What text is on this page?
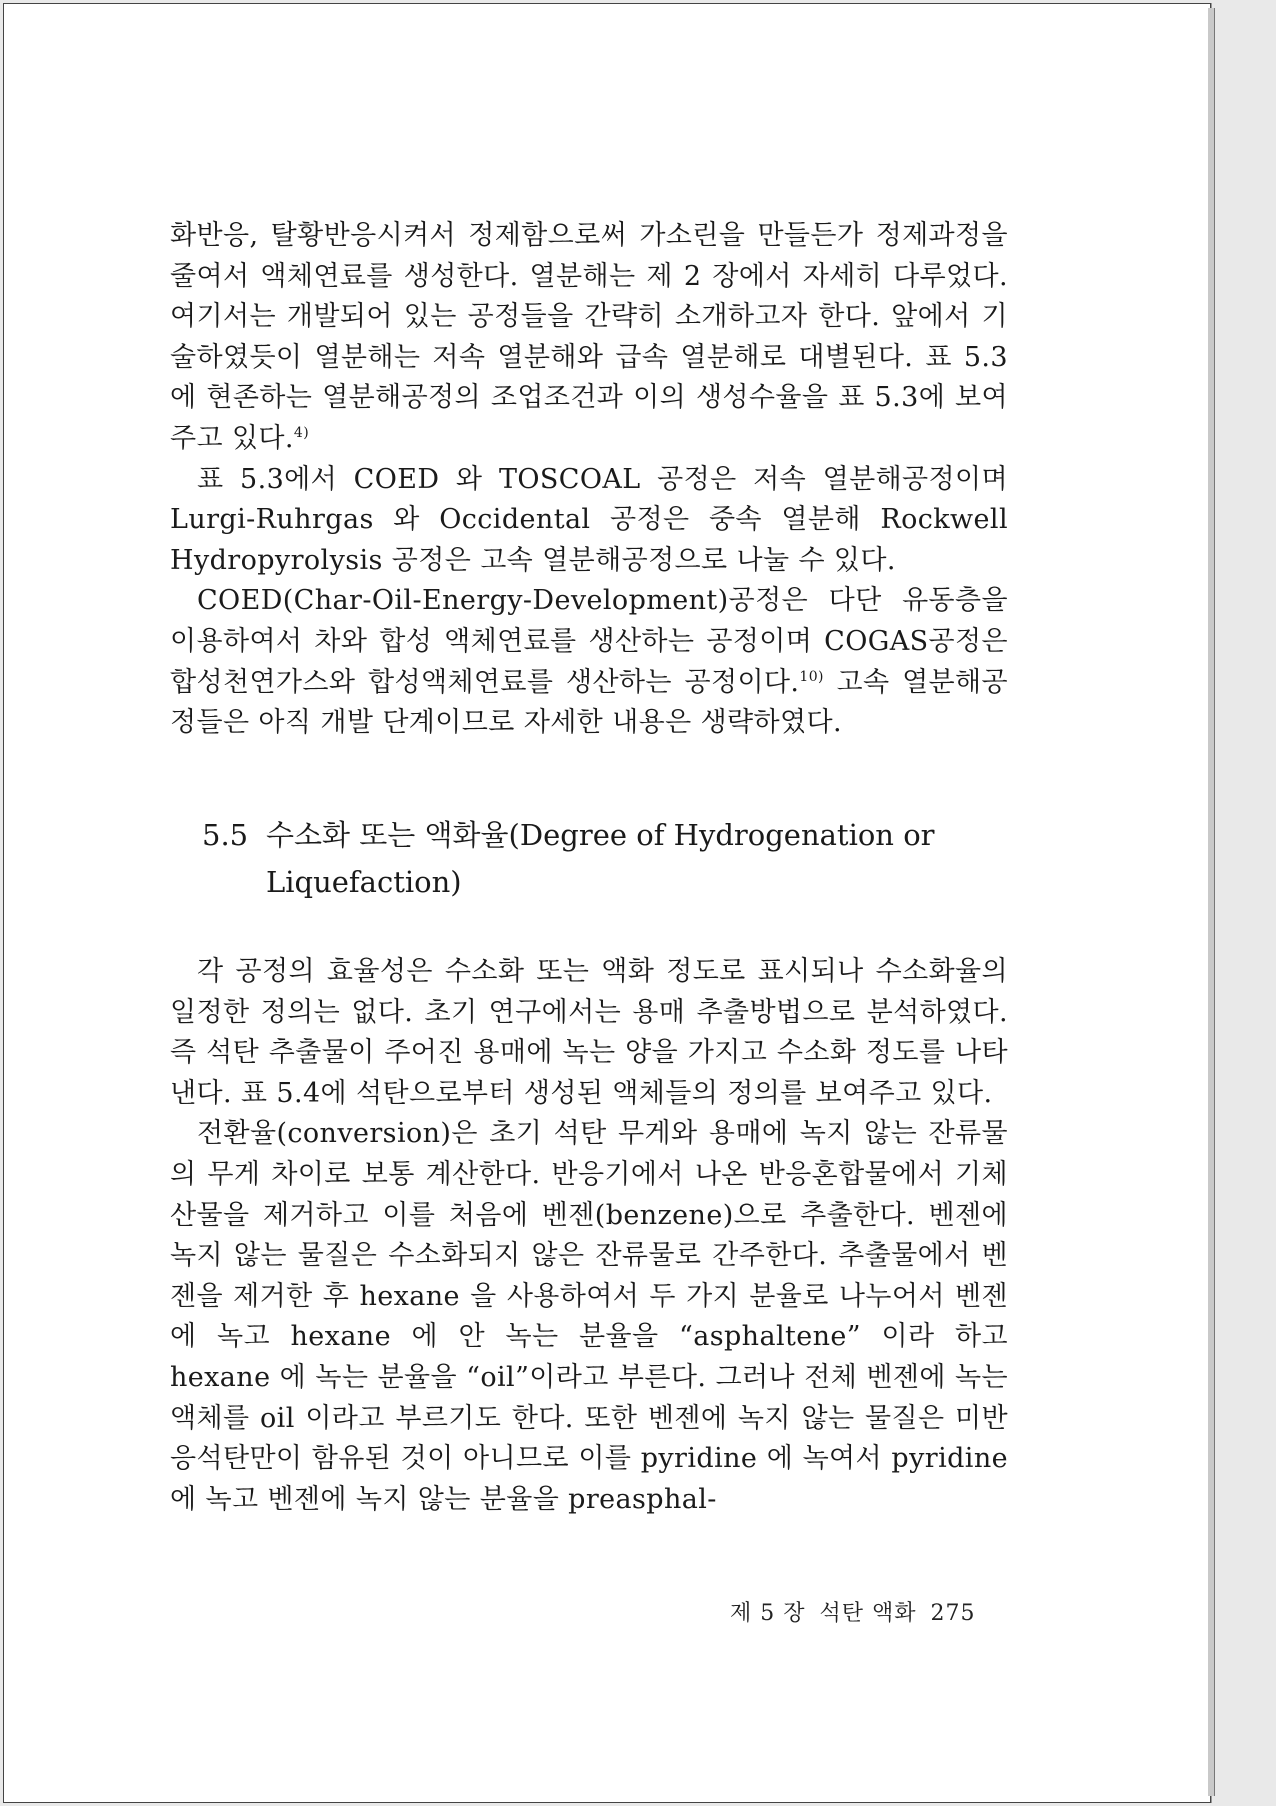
화반응, 탈황반응시켜서 정제함으로써 가소린을 만들든가 정제과정을 줄여서 액체연료를 생성한다. 열분해는 제 2 장에서 자세히 다루었다. 여기서는 개발되어 있는 공정들을 간략히 소개하고자 한다. 앞에서 기술하였듯이 열분해는 저속 열분해와 급속 열분해로 대별된다. 표 5.3에 현존하는 열분해공정의 조업조건과 이의 생성수율을 표 5.3에 보여주고 있다.$^{4)}$

표 5.3에서 COED 와 TOSCOAL 공정은 저속 열분해공정이며 Lurgi-Ruhrgas 와 Occidental 공정은 중속 열분해 Rockwell Hydropyrolysis 공정은 고속 열분해공정으로 나눌 수 있다.

COED(Char-Oil-Energy-Development)공정은 다단 유동층을 이용하여서 차와 합성 액체연료를 생산하는 공정이며 COGAS공정은 합성천연가스와 합성액체연료를 생산하는 공정이다.$^{10)}$ 고속 열분해공정들은 아직 개발 단계이므로 자세한 내용은 생략하였다.

5.5 수소화 또는 액화율(Degree of Hydrogenation or
Liquefaction)

각 공정의 효율성은 수소화 또는 액화 정도로 표시되나 수소화율의 일정한 정의는 없다. 초기 연구에서는 용매 추출방법으로 분석하였다. 즉 석탄 추출물이 주어진 용매에 녹는 양을 가지고 수소화 정도를 나타낸다. 표 5.4에 석탄으로부터 생성된 액체들의 정의를 보여주고 있다.

전환율(conversion)은 초기 석탄 무게와 용매에 녹지 않는 잔류물의 무게 차이로 보통 계산한다. 반응기에서 나온 반응혼합물에서 기체 산물을 제거하고 이를 처음에 벤젠(benzene)으로 추출한다. 벤젠에 녹지 않는 물질은 수소화되지 않은 잔류물로 간주한다. 추출물에서 벤젠을 제거한 후 hexane 을 사용하여서 두 가지 분율로 나누어서 벤젠에 녹고 hexane 에 안 녹는 분율을 “asphaltene” 이라 하고 hexane 에 녹는 분율을 “oil”이라고 부른다. 그러나 전체 벤젠에 녹는 액체를 oil 이라고 부르기도 한다. 또한 벤젠에 녹지 않는 물질은 미반응석탄만이 함유된 것이 아니므로 이를 pyridine 에 녹여서 pyridine 에 녹고 벤젠에 녹지 않는 분율을 preasphal-

제 5 장 석탄 액화 275
